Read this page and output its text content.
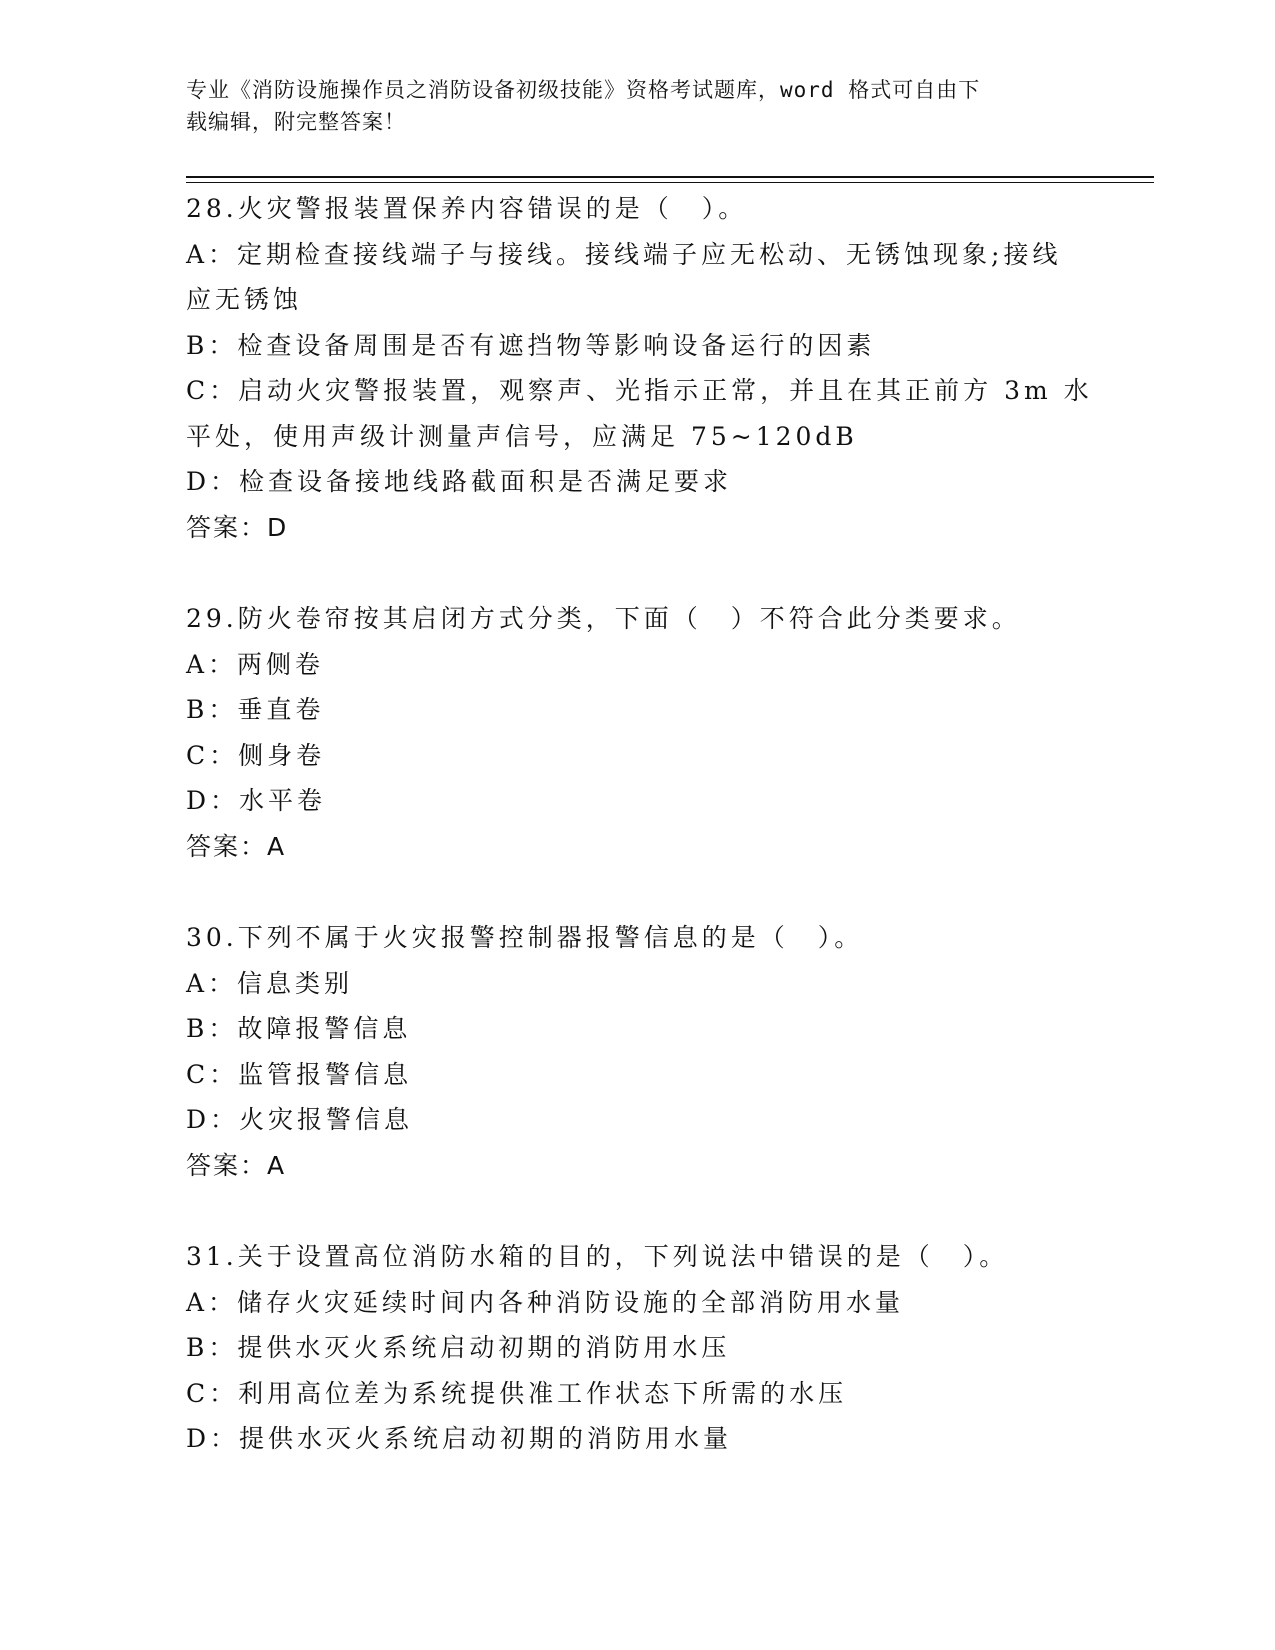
专业《消防设施操作员之消防设备初级技能》资格考试题库，word 格式可自由下
载编辑，附完整答案！
28.火灾警报装置保养内容错误的是（　）。
A：定期检查接线端子与接线。接线端子应无松动、无锈蚀现象;接线
应无锈蚀
B：检查设备周围是否有遮挡物等影响设备运行的因素
C：启动火灾警报装置，观察声、光指示正常，并且在其正前方 3m 水
平处，使用声级计测量声信号，应满足 75~120dB
D：检查设备接地线路截面积是否满足要求
答案：D
29.防火卷帘按其启闭方式分类，下面（　）不符合此分类要求。
A：两侧卷
B：垂直卷
C：侧身卷
D：水平卷
答案：A
30.下列不属于火灾报警控制器报警信息的是（　）。
A：信息类别
B：故障报警信息
C：监管报警信息
D：火灾报警信息
答案：A
31.关于设置高位消防水箱的目的，下列说法中错误的是（　）。
A：储存火灾延续时间内各种消防设施的全部消防用水量
B：提供水灭火系统启动初期的消防用水压
C：利用高位差为系统提供准工作状态下所需的水压
D：提供水灭火系统启动初期的消防用水量
